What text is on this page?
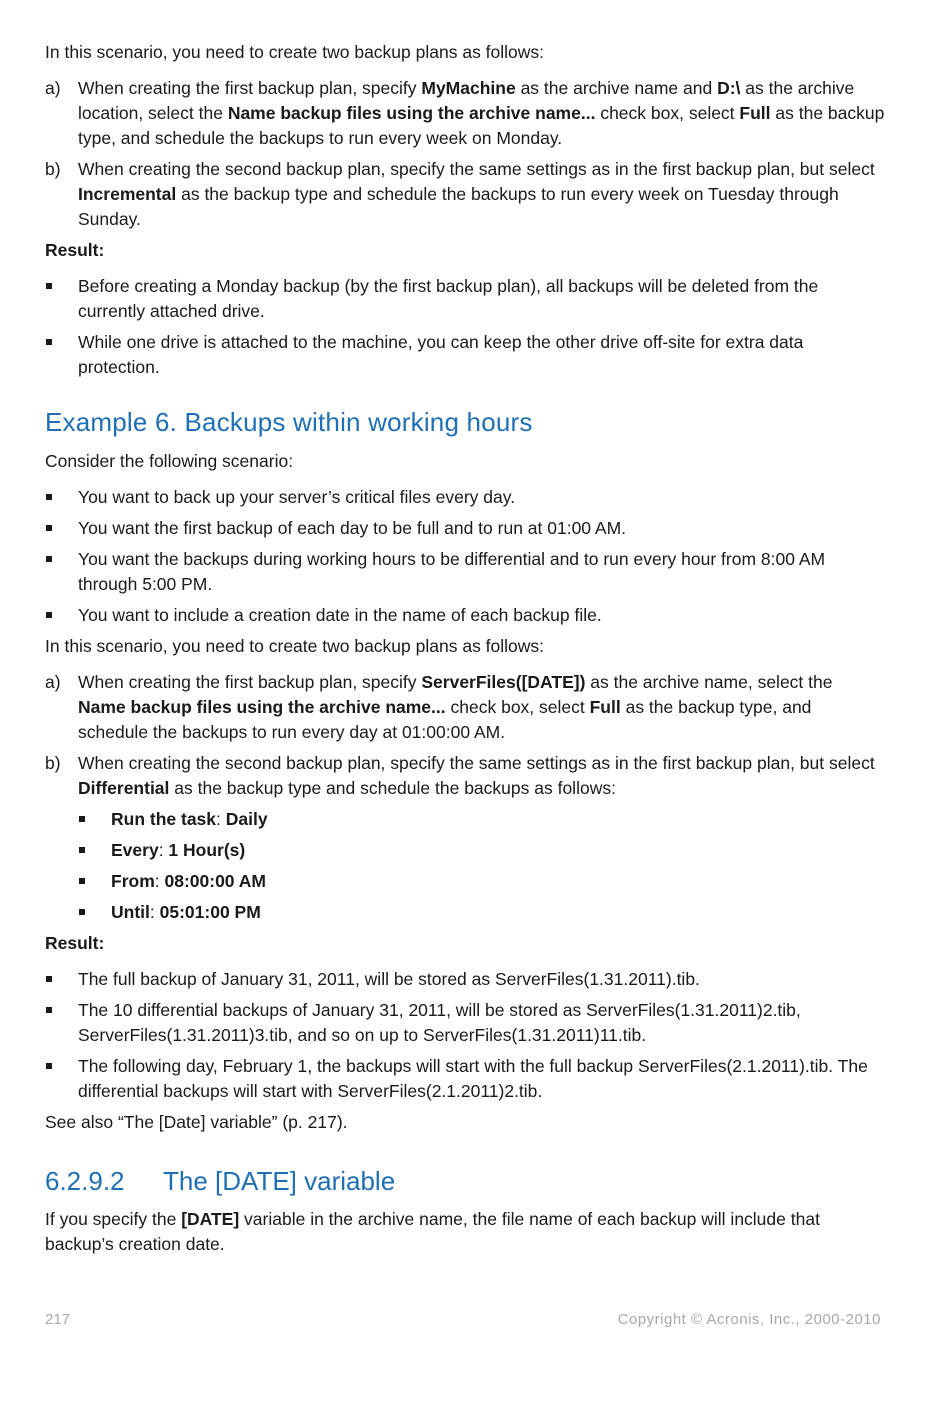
In this scenario, you need to create two backup plans as follows:

a) When creating the first backup plan, specify MyMachine as the archive name and D:\ as the archive location, select the Name backup files using the archive name... check box, select Full as the backup type, and schedule the backups to run every week on Monday.
b) When creating the second backup plan, specify the same settings as in the first backup plan, but select Incremental as the backup type and schedule the backups to run every week on Tuesday through Sunday.

Result:

Before creating a Monday backup (by the first backup plan), all backups will be deleted from the currently attached drive.
While one drive is attached to the machine, you can keep the other drive off-site for extra data protection.
Example 6. Backups within working hours

Consider the following scenario:

You want to back up your server’s critical files every day.
You want the first backup of each day to be full and to run at 01:00 AM.
You want the backups during working hours to be differential and to run every hour from 8:00 AM through 5:00 PM.
You want to include a creation date in the name of each backup file.

In this scenario, you need to create two backup plans as follows:

a) When creating the first backup plan, specify ServerFiles([DATE]) as the archive name, select the Name backup files using the archive name... check box, select Full as the backup type, and schedule the backups to run every day at 01:00:00 AM.
b) When creating the second backup plan, specify the same settings as in the first backup plan, but select Differential as the backup type and schedule the backups as follows:
Run the task: Daily
Every: 1 Hour(s)
From: 08:00:00 AM
Until: 05:01:00 PM

Result:

The full backup of January 31, 2011, will be stored as ServerFiles(1.31.2011).tib.
The 10 differential backups of January 31, 2011, will be stored as ServerFiles(1.31.2011)2.tib, ServerFiles(1.31.2011)3.tib, and so on up to ServerFiles(1.31.2011)11.tib.
The following day, February 1, the backups will start with the full backup ServerFiles(2.1.2011).tib. The differential backups will start with ServerFiles(2.1.2011)2.tib.

See also “The [Date] variable” (p. 217).

6.2.9.2 The [DATE] variable

If you specify the [DATE] variable in the archive name, the file name of each backup will include that backup’s creation date.

217	Copyright © Acronis, Inc., 2000-2010
